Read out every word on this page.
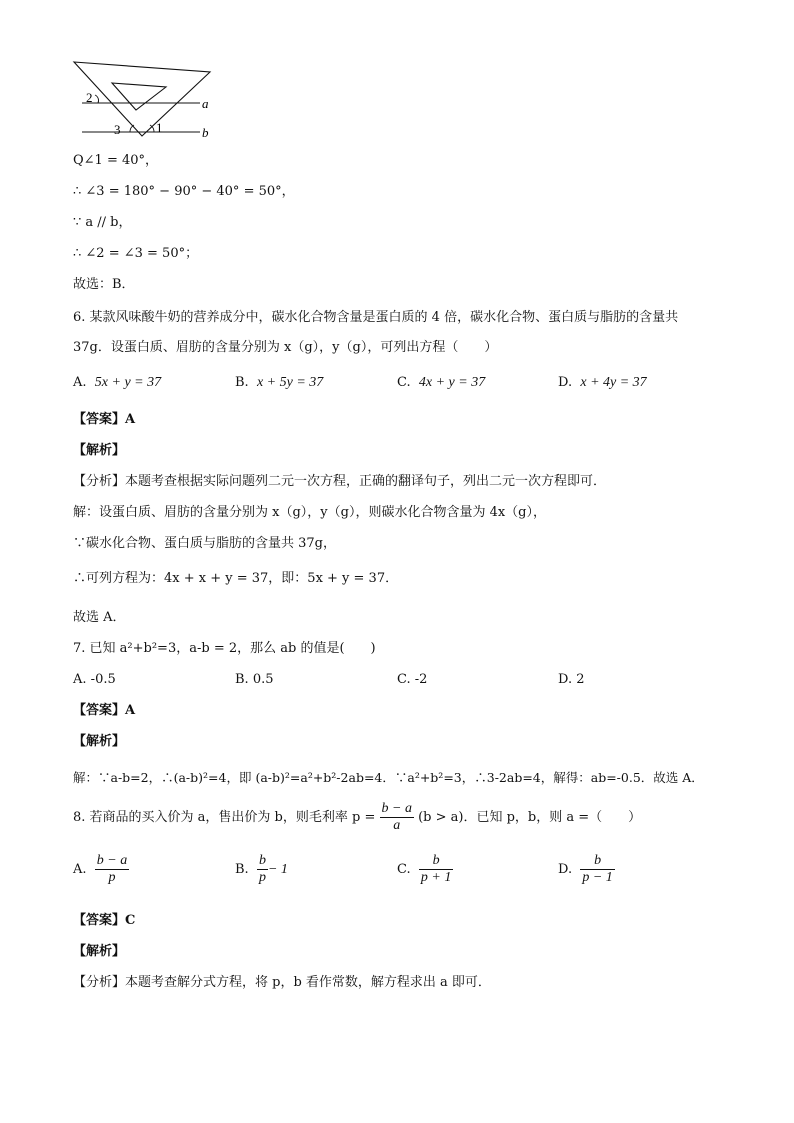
2	a
3	1	b
Q∠1 = 40°，
∴ ∠3 = 180° − 90° − 40° = 50°，
∵ a // b，
∴ ∠2 = ∠3 = 50°；
故选：B．
6. 某款风味酸牛奶的营养成分中，碳水化合物含量是蛋白质的 4 倍，碳水化合物、蛋白质与脂肪的含量共
37g．设蛋白质、眉肪的含量分别为 x（g），y（g），可列出方程（　　）
A. 5x + y = 37	B. x + 5y = 37	C. 4x + y = 37	D. x + 4y = 37
【答案】A
【解析】
【分析】本题考查根据实际问题列二元一次方程，正确的翻译句子，列出二元一次方程即可．
解：设蛋白质、眉肪的含量分别为 x（g），y（g），则碳水化合物含量为 4x（g），
∵碳水化合物、蛋白质与脂肪的含量共 37g，
∴可列方程为：4x + x + y = 37，即：5x + y = 37．
故选 A．
7. 已知 a²+b²=3，a-b = 2，那么 ab 的值是(　　)
A. -0.5	B. 0.5	C. -2	D. 2
【答案】A
【解析】
解：∵a-b=2，∴(a-b)²=4，即 (a-b)²=a²+b²-2ab=4．∵a²+b²=3，∴3-2ab=4，解得：ab=-0.5．故选 A．
8. 若商品的买入价为 a，售出价为 b，则毛利率 $p = \frac{b - a}{a} (b > a)$．已知 p，b，则 a =（　　）
A. $\frac{b - a}{p}$	B. $\frac{b}{p} - 1$	C. $\frac{b}{p + 1}$	D. $\frac{b}{p - 1}$
【答案】C
【解析】
【分析】本题考查解分式方程，将 p，b 看作常数，解方程求出 a 即可．
